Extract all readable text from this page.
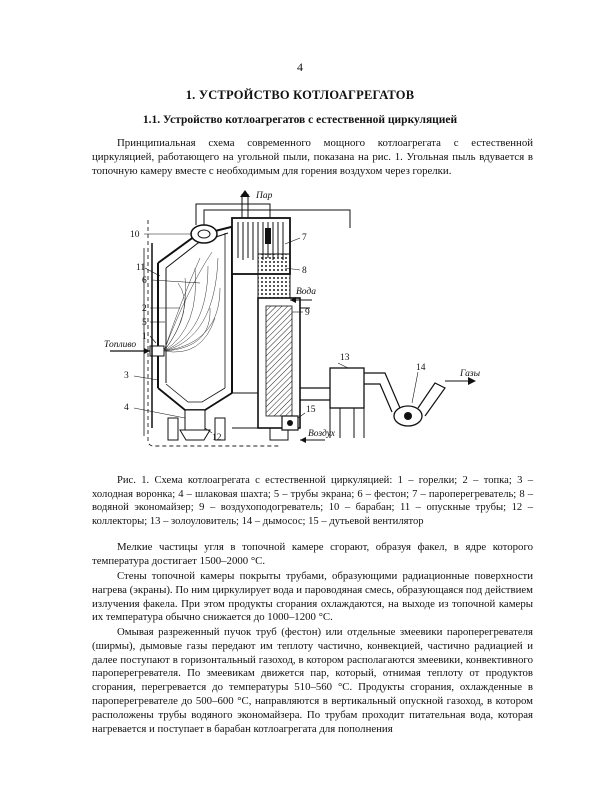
4
1. УСТРОЙСТВО КОТЛОАГРЕГАТОВ
1.1. Устройство котлоагрегатов с естественной циркуляцией

Принципиальная схема современного мощного котлоагрегата с естественной циркуляцией, работающего на угольной пыли, показана на рис. 1. Угольная пыль вдувается в топочную камеру вместе с необходимым для горения воздухом через горелки.

Пар
Вода
Топливо
Газы
Воздух
1
2
3
4
5
6
7
8
9
10
11
12
13
14
15

Рис. 1. Схема котлоагрегата с естественной циркуляцией: 1 – горелки; 2 – топка; 3 – холодная воронка; 4 – шлаковая шахта; 5 – трубы экрана; 6 – фестон; 7 – пароперегреватель; 8 – водяной экономайзер; 9 – воздухоподогреватель; 10 – барабан; 11 – опускные трубы; 12 – коллекторы; 13 – золоуловитель; 14 – дымосос; 15 – дутьевой вентилятор

Мелкие частицы угля в топочной камере сгорают, образуя факел, в ядре которого температура достигает 1500–2000 °С.

Стены топочной камеры покрыты трубами, образующими радиационные поверхности нагрева (экраны). По ним циркулирует вода и пароводяная смесь, образующаяся под действием излучения факела. При этом продукты сгорания охлаждаются, на выходе из топочной камеры их температура обычно снижается до 1000–1200 °С.

Омывая разреженный пучок труб (фестон) или отдельные змеевики пароперегревателя (ширмы), дымовые газы передают им теплоту частично, конвекцией, частично радиацией и далее поступают в горизонтальный газоход, в котором располагаются змеевики, конвективного пароперегревателя. По змеевикам движется пар, который, отнимая теплоту от продуктов сгорания, перегревается до температуры 510–560 °С. Продукты сгорания, охлажденные в пароперегревателе до 500–600 °С, направляются в вертикальный опускной газоход, в котором расположены трубы водяного экономайзера. По трубам проходит питательная вода, которая нагревается и поступает в барабан котлоагрегата для пополнения
